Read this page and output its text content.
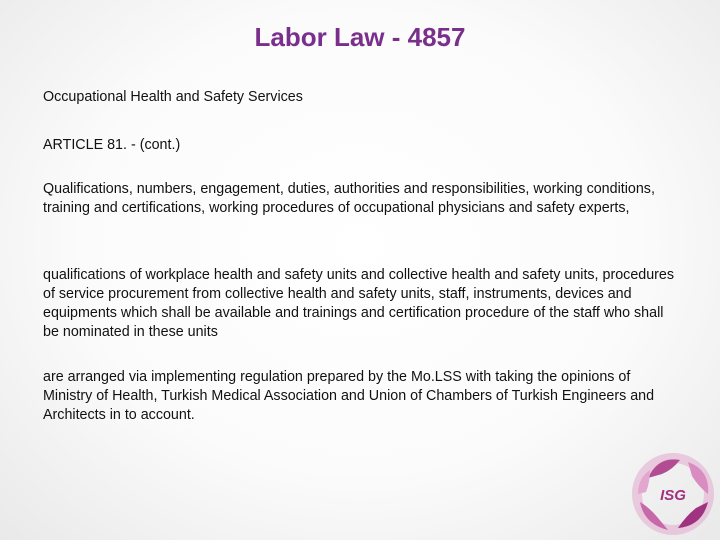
Labor Law - 4857

Occupational Health and Safety Services

ARTICLE 81. - (cont.)

Qualifications, numbers, engagement, duties, authorities and responsibilities, working conditions, training and certifications, working procedures of occupational physicians and safety experts,

qualifications of workplace health and safety units and collective health and safety units, procedures of service procurement from collective health and safety units, staff, instruments, devices and equipments which shall be available and trainings and certification procedure of the staff who shall be nominated in these units

are arranged via implementing regulation prepared by the Mo.LSS with taking the opinions of Ministry of Health, Turkish Medical Association and Union of Chambers of Turkish Engineers and Architects in to account.

ISG
